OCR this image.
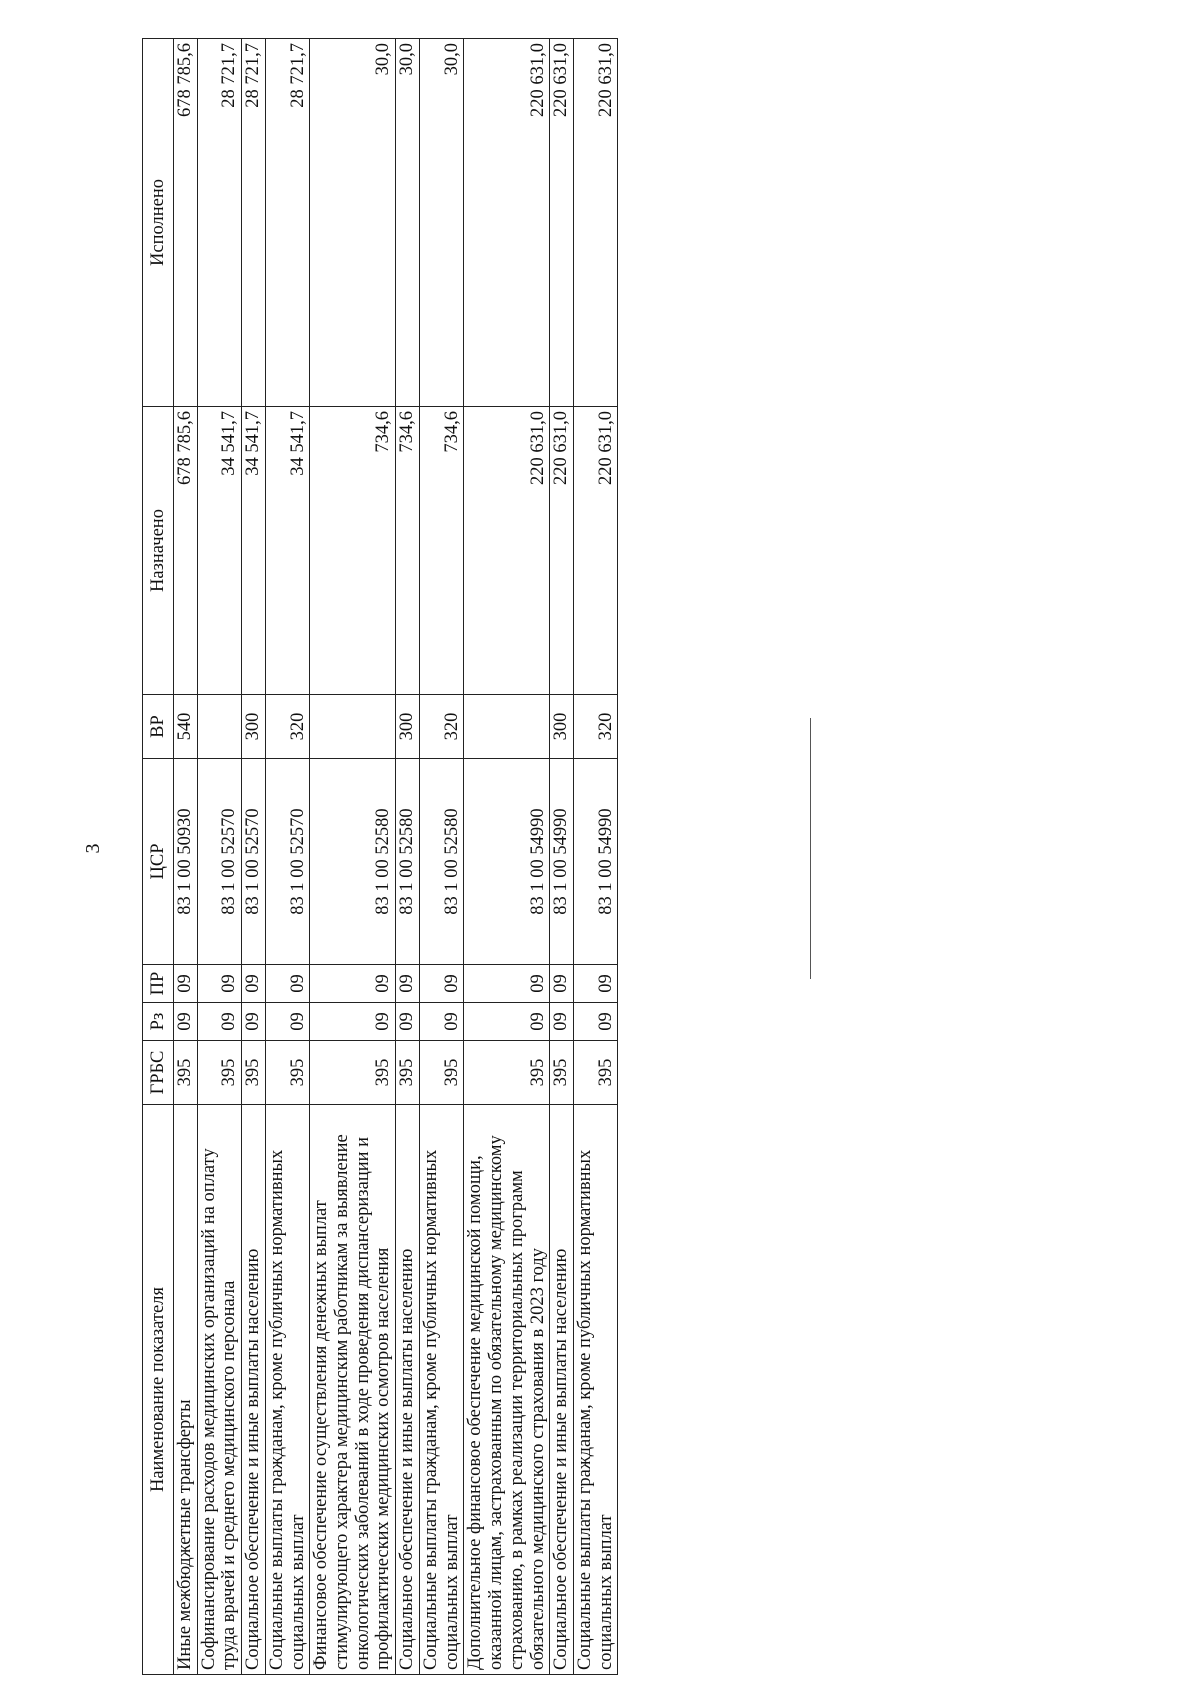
3
Наименование показателя	ГРБС	Рз	ПР	ЦСР	ВР	Назначено	Исполнено
Иные межбюджетные трансферты	395	09	09	83 1 00 50930	540	678 785,6	678 785,6
Софинансирование расходов медицинских организаций на оплату труда врачей и среднего медицинского персонала	395	09	09	83 1 00 52570		34 541,7	28 721,7
Социальное обеспечение и иные выплаты населению	395	09	09	83 1 00 52570	300	34 541,7	28 721,7
Социальные выплаты гражданам, кроме публичных нормативных социальных выплат	395	09	09	83 1 00 52570	320	34 541,7	28 721,7
Финансовое обеспечение осуществления денежных выплат стимулирующего характера медицинским работникам за выявление онкологических заболеваний в ходе проведения диспансеризации и профилактических медицинских осмотров населения	395	09	09	83 1 00 52580		734,6	30,0
Социальное обеспечение и иные выплаты населению	395	09	09	83 1 00 52580	300	734,6	30,0
Социальные выплаты гражданам, кроме публичных нормативных социальных выплат	395	09	09	83 1 00 52580	320	734,6	30,0
Дополнительное финансовое обеспечение медицинской помощи, оказанной лицам, застрахованным по обязательному медицинскому страхованию, в рамках реализации территориальных программ обязательного медицинского страхования в 2023 году	395	09	09	83 1 00 54990		220 631,0	220 631,0
Социальное обеспечение и иные выплаты населению	395	09	09	83 1 00 54990	300	220 631,0	220 631,0
Социальные выплаты гражданам, кроме публичных нормативных социальных выплат	395	09	09	83 1 00 54990	320	220 631,0	220 631,0
